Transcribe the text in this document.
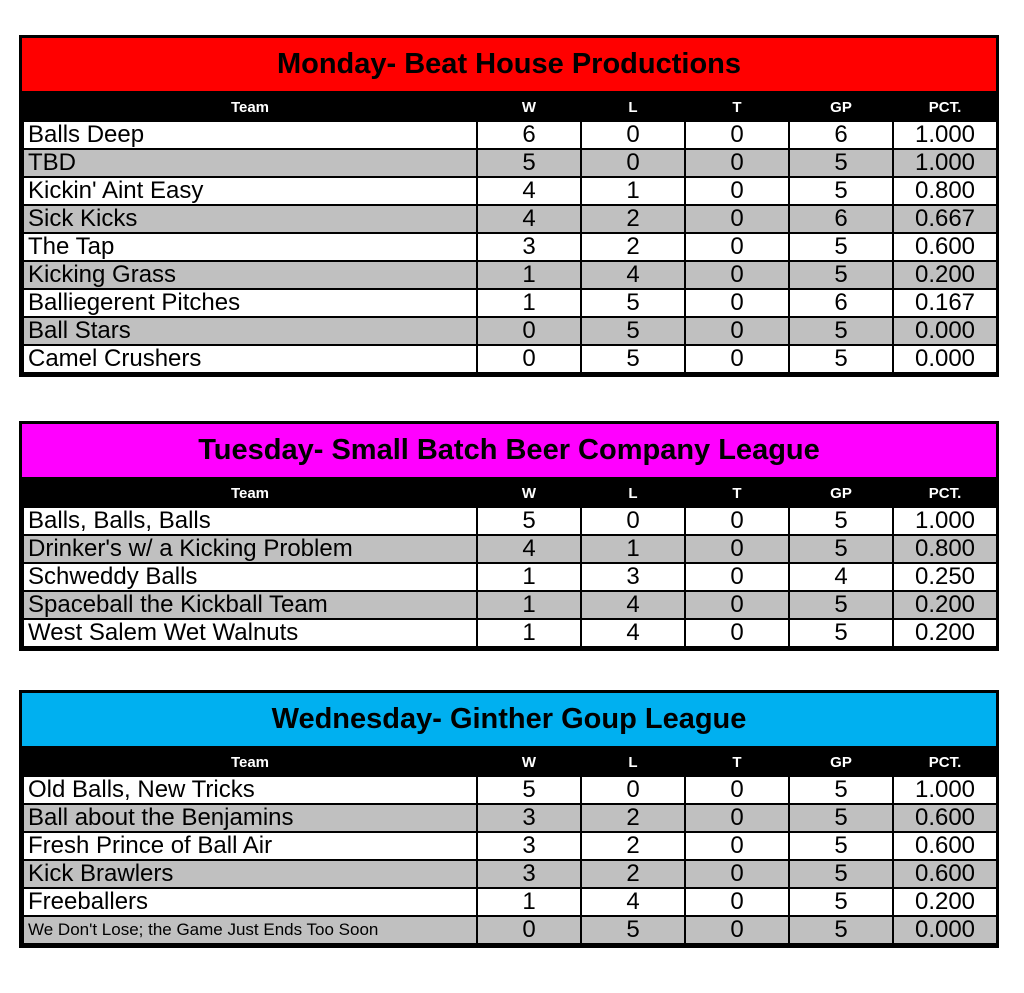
Monday- Beat House Productions
Team	W	L	T	GP	PCT.
Balls Deep	6	0	0	6	1.000
TBD	5	0	0	5	1.000
Kickin' Aint Easy	4	1	0	5	0.800
Sick Kicks	4	2	0	6	0.667
The Tap	3	2	0	5	0.600
Kicking Grass	1	4	0	5	0.200
Balliegerent Pitches	1	5	0	6	0.167
Ball Stars	0	5	0	5	0.000
Camel Crushers	0	5	0	5	0.000
Tuesday- Small Batch Beer Company League
Team	W	L	T	GP	PCT.
Balls, Balls, Balls	5	0	0	5	1.000
Drinker's w/ a Kicking Problem	4	1	0	5	0.800
Schweddy Balls	1	3	0	4	0.250
Spaceball the Kickball Team	1	4	0	5	0.200
West Salem Wet Walnuts	1	4	0	5	0.200
Wednesday- Ginther Goup League
Team	W	L	T	GP	PCT.
Old Balls, New Tricks	5	0	0	5	1.000
Ball about the Benjamins	3	2	0	5	0.600
Fresh Prince of Ball Air	3	2	0	5	0.600
Kick Brawlers	3	2	0	5	0.600
Freeballers	1	4	0	5	0.200
We Don't Lose; the Game Just Ends Too Soon	0	5	0	5	0.000
